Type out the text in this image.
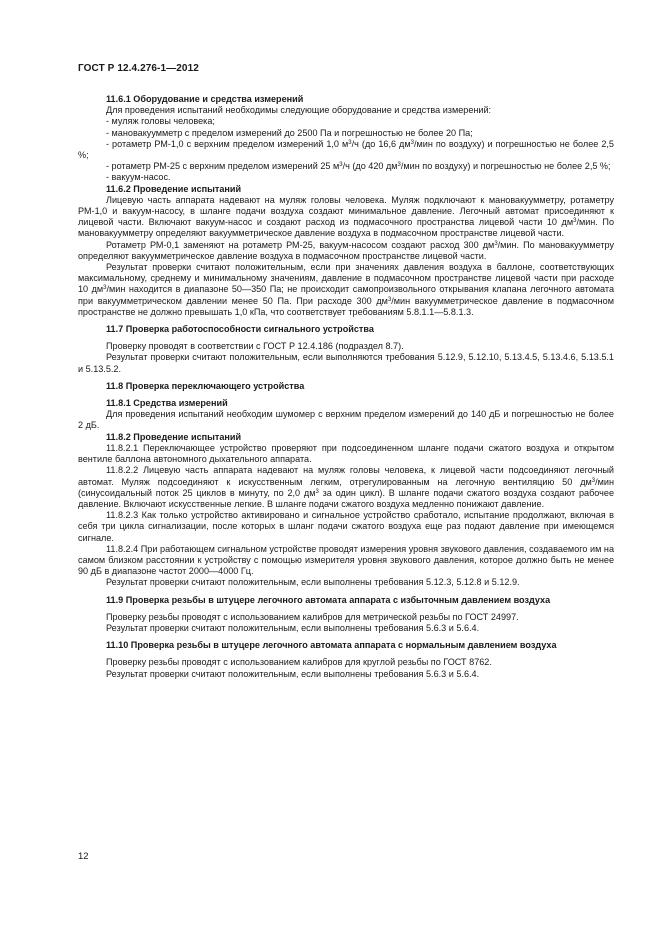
ГОСТ Р 12.4.276-1—2012

11.6.1 Оборудование и средства измерений

Для проведения испытаний необходимы следующие оборудование и средства измерений:

- муляж головы человека;

- мановакуумметр с пределом измерений до 2500 Па и погрешностью не более 20 Па;

- ротаметр РМ-1,0 с верхним пределом измерений 1,0 $м^3/ч$ (до 16,6 $дм^3$/мин по воздуху) и погрешностью не более 2,5 %;

- ротаметр РМ-25 с верхним пределом измерений 25 $м^3/ч$ (до 420 $дм^3$/мин по воздуху) и погрешностью не более 2,5 %;

- вакуум-насос.

11.6.2 Проведение испытаний

Лицевую часть аппарата надевают на муляж головы человека. Муляж подключают к мановакуумметру, ротаметру РМ-1,0 и вакуум-насосу, в шланге подачи воздуха создают минимальное давление. Легочный автомат присоединяют к лицевой части. Включают вакуум-насос и создают расход из подмасочного пространства лицевой части 10 $дм^3$/мин. По мановакуумметру определяют вакуумметрическое давление воздуха в подмасочном пространстве лицевой части.

Ротаметр РМ-0,1 заменяют на ротаметр РМ-25, вакуум-насосом создают расход 300 $дм^3$/мин. По мановакуумметру определяют вакуумметрическое давление воздуха в подмасочном пространстве лицевой части.

Результат проверки считают положительным, если при значениях давления воздуха в баллоне, соответствующих максимальному, среднему и минимальному значениям, давление в подмасочном пространстве лицевой части при расходе 10 $дм^3$/мин находится в диапазоне 50—350 Па; не происходит самопроизвольного открывания клапана легочного автомата при вакуумметрическом давлении менее 50 Па. При расходе 300 $дм^3$/мин вакуумметрическое давление в подмасочном пространстве не должно превышать 1,0 кПа, что соответствует требованиям 5.8.1.1—5.8.1.3.

11.7 Проверка работоспособности сигнального устройства

Проверку проводят в соответствии с ГОСТ Р 12.4.186 (подраздел 8.7).

Результат проверки считают положительным, если выполняются требования 5.12.9, 5.12.10, 5.13.4.5, 5.13.4.6, 5.13.5.1 и 5.13.5.2.

11.8 Проверка переключающего устройства

11.8.1 Средства измерений

Для проведения испытаний необходим шумомер с верхним пределом измерений до 140 дБ и погрешностью не более 2 дБ.

11.8.2 Проведение испытаний

11.8.2.1 Переключающее устройство проверяют при подсоединенном шланге подачи сжатого воздуха и открытом вентиле баллона автономного дыхательного аппарата.

11.8.2.2 Лицевую часть аппарата надевают на муляж головы человека, к лицевой части подсоединяют легочный автомат. Муляж подсоединяют к искусственным легким, отрегулированным на легочную вентиляцию 50 $дм^3$/мин (синусоидальный поток 25 циклов в минуту, по 2,0 $дм^3$ за один цикл). В шланге подачи сжатого воздуха создают рабочее давление. Включают искусственные легкие. В шланге подачи сжатого воздуха медленно понижают давление.

11.8.2.3 Как только устройство активировано и сигнальное устройство сработало, испытание продолжают, включая в себя три цикла сигнализации, после которых в шланг подачи сжатого воздуха еще раз подают давление при имеющемся сигнале.

11.8.2.4 При работающем сигнальном устройстве проводят измерения уровня звукового давления, создаваемого им на самом близком расстоянии к устройству с помощью измерителя уровня звукового давления, которое должно быть не менее 90 дБ в диапазоне частот 2000—4000 Гц.

Результат проверки считают положительным, если выполнены требования 5.12.3, 5.12.8 и 5.12.9.

11.9 Проверка резьбы в штуцере легочного автомата аппарата с избыточным давлением воздуха

Проверку резьбы проводят с использованием калибров для метрической резьбы по ГОСТ 24997.

Результат проверки считают положительным, если выполнены требования 5.6.3 и 5.6.4.

11.10 Проверка резьбы в штуцере легочного автомата аппарата с нормальным давлением воздуха

Проверку резьбы проводят с использованием калибров для круглой резьбы по ГОСТ 8762.

Результат проверки считают положительным, если выполнены требования 5.6.3 и 5.6.4.

12
